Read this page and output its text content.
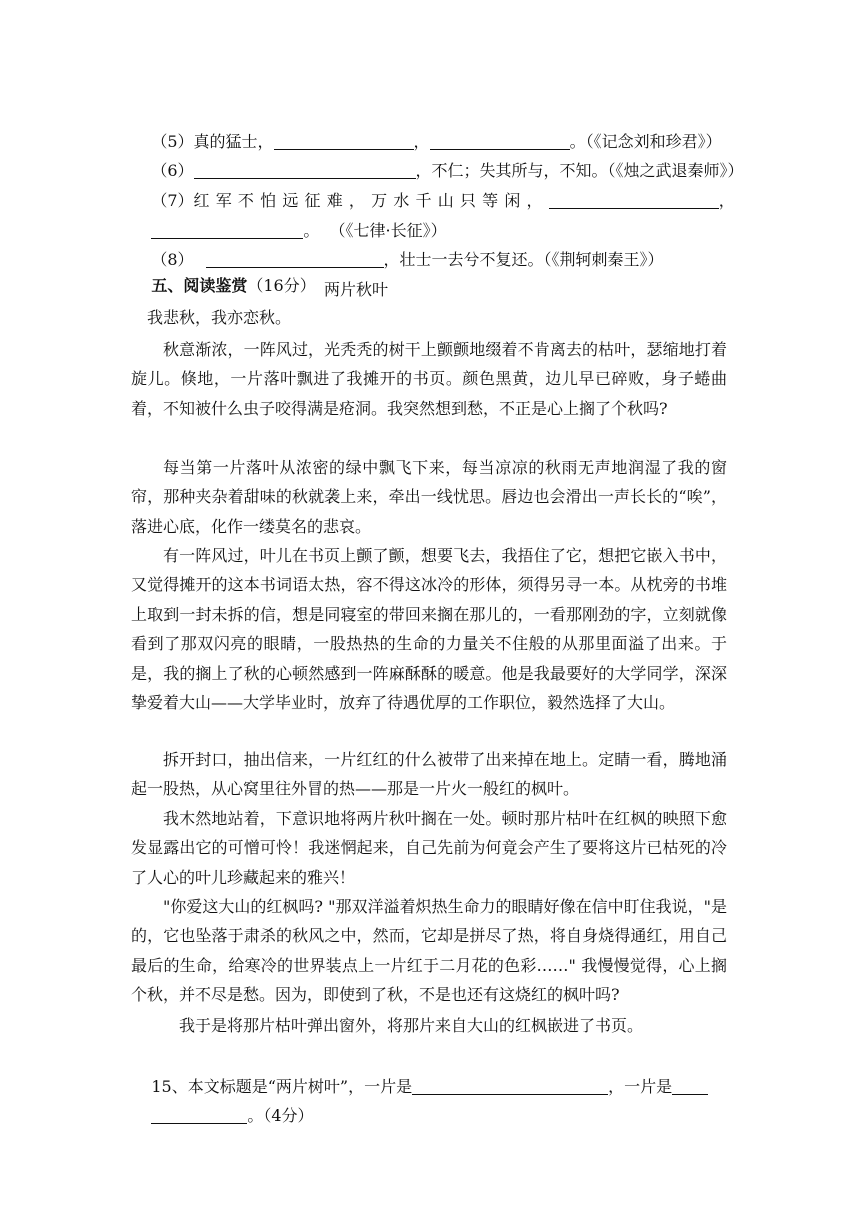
（5）真的猛士，	，	。（《记念刘和珍君》）

（6）	，不仁；失其所与，不知。（《烛之武退秦师》）

（7）红军不怕远征难，万水千山只等闲，	，

。  （《七律·长征》）

（8）	，壮士一去兮不复还。（《荆轲刺秦王》）

五、阅读鉴赏（16分）
两片秋叶
我悲秋，我亦恋秋。
秋意渐浓，一阵风过，光秃秃的树干上颤颤地缀着不肯离去的枯叶，瑟缩地打着旋儿。倏地，一片落叶飘进了我摊开的书页。颜色黑黄，边儿早已碎败，身子蜷曲着，不知被什么虫子咬得满是疮洞。我突然想到愁，不正是心上搁了个秋吗?
每当第一片落叶从浓密的绿中飘飞下来，每当凉凉的秋雨无声地润湿了我的窗帘，那种夹杂着甜味的秋就袭上来，牵出一线忧思。唇边也会滑出一声长长的“唉”，落进心底，化作一缕莫名的悲哀。
有一阵风过，叶儿在书页上颤了颤，想要飞去，我捂住了它，想把它嵌入书中，又觉得摊开的这本书词语太热，容不得这冰冷的形体，须得另寻一本。从枕旁的书堆上取到一封未拆的信，想是同寝室的带回来搁在那儿的，一看那刚劲的字，立刻就像看到了那双闪亮的眼睛，一股热热的生命的力量关不住般的从那里面溢了出来。于是，我的搁上了秋的心顿然感到一阵麻酥酥的暖意。他是我最要好的大学同学，深深挚爱着大山——大学毕业时，放弃了待遇优厚的工作职位，毅然选择了大山。
拆开封口，抽出信来，一片红红的什么被带了出来掉在地上。定睛一看，腾地涌起一股热，从心窝里往外冒的热——那是一片火一般红的枫叶。
我木然地站着，下意识地将两片秋叶搁在一处。顿时那片枯叶在红枫的映照下愈发显露出它的可憎可怜！我迷惘起来，自己先前为何竟会产生了要将这片已枯死的冷了人心的叶儿珍藏起来的雅兴！
"你爱这大山的红枫吗? "那双洋溢着炽热生命力的眼睛好像在信中盯住我说，"是的，它也坠落于肃杀的秋风之中，然而，它却是拼尽了热，将自身烧得通红，用自己最后的生命，给寒冷的世界装点上一片红于二月花的色彩……" 我慢慢觉得，心上搁个秋，并不尽是愁。因为，即使到了秋，不是也还有这烧红的枫叶吗?
我于是将那片枯叶弹出窗外，将那片来自大山的红枫嵌进了书页。

15、本文标题是“两片树叶”，一片是	，一片是

。（4分）
